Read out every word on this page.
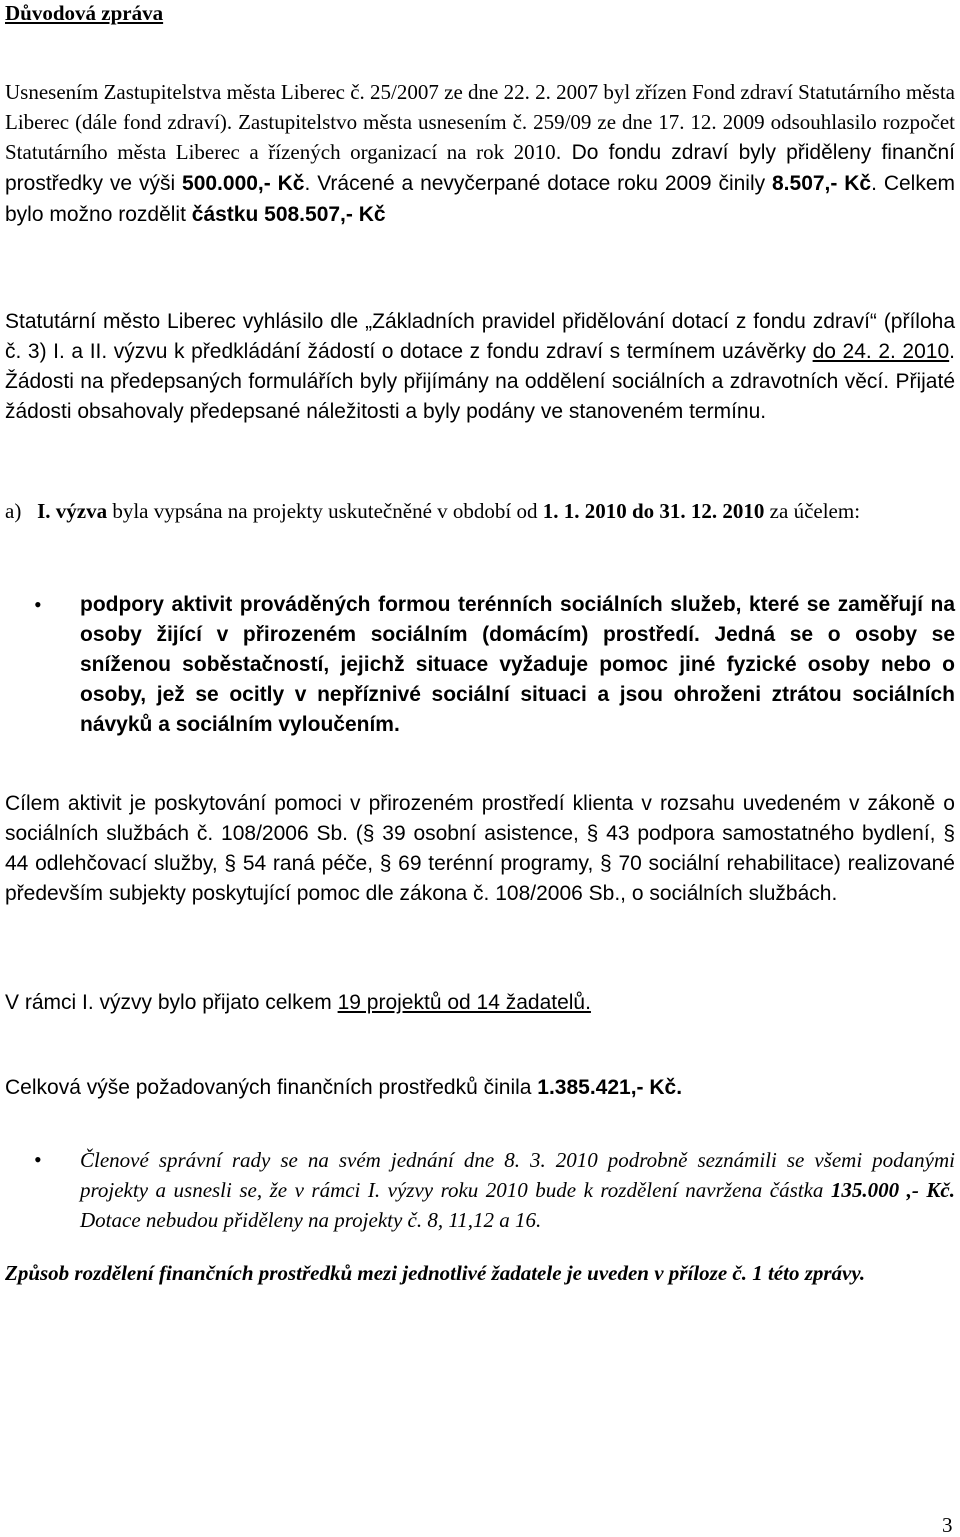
Důvodová zpráva

Usnesením Zastupitelstva města Liberec č. 25/2007 ze dne 22. 2. 2007 byl zřízen Fond zdraví Statutárního města Liberec (dále fond zdraví). Zastupitelstvo města usnesením č. 259/09 ze dne 17. 12. 2009 odsouhlasilo rozpočet Statutárního města Liberec a řízených organizací na rok 2010. Do fondu zdraví byly přiděleny finanční prostředky ve výši 500.000,- Kč. Vrácené a nevyčerpané dotace roku 2009 činily 8.507,- Kč. Celkem bylo možno rozdělit částku 508.507,- Kč

Statutární město Liberec vyhlásilo dle „Základních pravidel přidělování dotací z fondu zdraví“ (příloha č. 3) I. a II. výzvu k předkládání žádostí o dotace z fondu zdraví s termínem uzávěrky do 24. 2. 2010. Žádosti na předepsaných formulářích byly přijímány na oddělení sociálních a zdravotních věcí. Přijaté žádosti obsahovaly předepsané náležitosti a byly podány ve stanoveném termínu.

a) I. výzva byla vypsána na projekty uskutečněné v období od 1. 1. 2010 do 31. 12. 2010 za účelem:

• podpory aktivit prováděných formou terénních sociálních služeb, které se zaměřují na osoby žijící v přirozeném sociálním (domácím) prostředí. Jedná se o osoby se sníženou soběstačností, jejichž situace vyžaduje pomoc jiné fyzické osoby nebo o osoby, jež se ocitly v nepříznivé sociální situaci a jsou ohroženi ztrátou sociálních návyků a sociálním vyloučením.

Cílem aktivit je poskytování pomoci v přirozeném prostředí klienta v rozsahu uvedeném v zákoně o sociálních službách č. 108/2006 Sb. (§ 39 osobní asistence, § 43 podpora samostatného bydlení, § 44 odlehčovací služby, § 54 raná péče, § 69 terénní programy, § 70 sociální rehabilitace) realizované především subjekty poskytující pomoc dle zákona č. 108/2006 Sb., o sociálních službách.

V rámci I. výzvy bylo přijato celkem 19 projektů od 14 žadatelů.

Celková výše požadovaných finančních prostředků činila 1.385.421,- Kč.

• Členové správní rady se na svém jednání dne 8. 3. 2010 podrobně seznámili se všemi podanými projekty a usnesli se, že v rámci I. výzvy roku 2010 bude k rozdělení navržena částka 135.000 ,- Kč. Dotace nebudou přiděleny na projekty č. 8, 11,12 a 16.

Způsob rozdělení finančních prostředků mezi jednotlivé žadatele je uveden v příloze č. 1 této zprávy.

3
